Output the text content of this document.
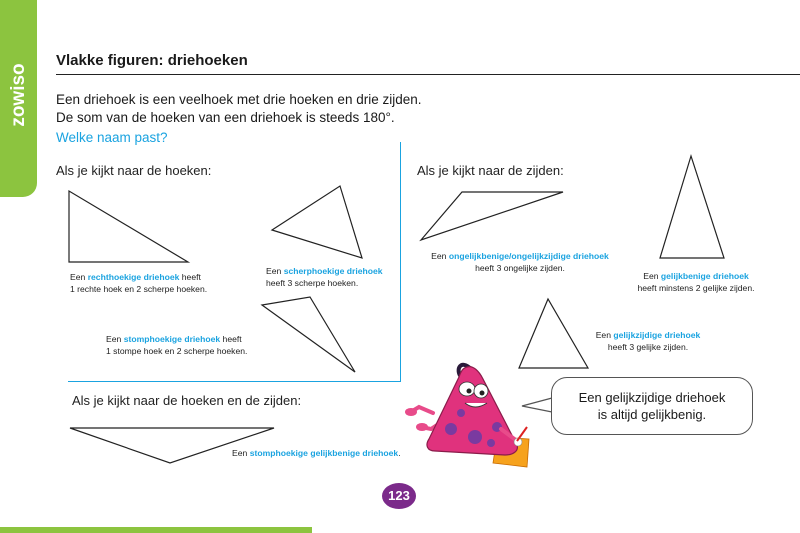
zowiso
Vlakke figuren: driehoeken
Een driehoek is een veelhoek met drie hoeken en drie zijden.
De som van de hoeken van een driehoek is steeds 180°.
Welke naam past?
Als je kijkt naar de hoeken:	Als je kijkt naar de zijden:
Als je kijkt naar de hoeken en de zijden:
Een rechthoekige driehoek heeft
1 rechte hoek en 2 scherpe hoeken.
Een scherphoekige driehoek
heeft 3 scherpe hoeken.
Een stomphoekige driehoek heeft
1 stompe hoek en 2 scherpe hoeken.
Een ongelijkbenige/ongelijkzijdige driehoek
heeft 3 ongelijke zijden.
Een gelijkbenige driehoek
heeft minstens 2 gelijke zijden.
Een gelijkzijdige driehoek
heeft 3 gelijke zijden.
Een stomphoekige gelijkbenige driehoek.
Een gelijkzijdige driehoek
is altijd gelijkbenig.
123
